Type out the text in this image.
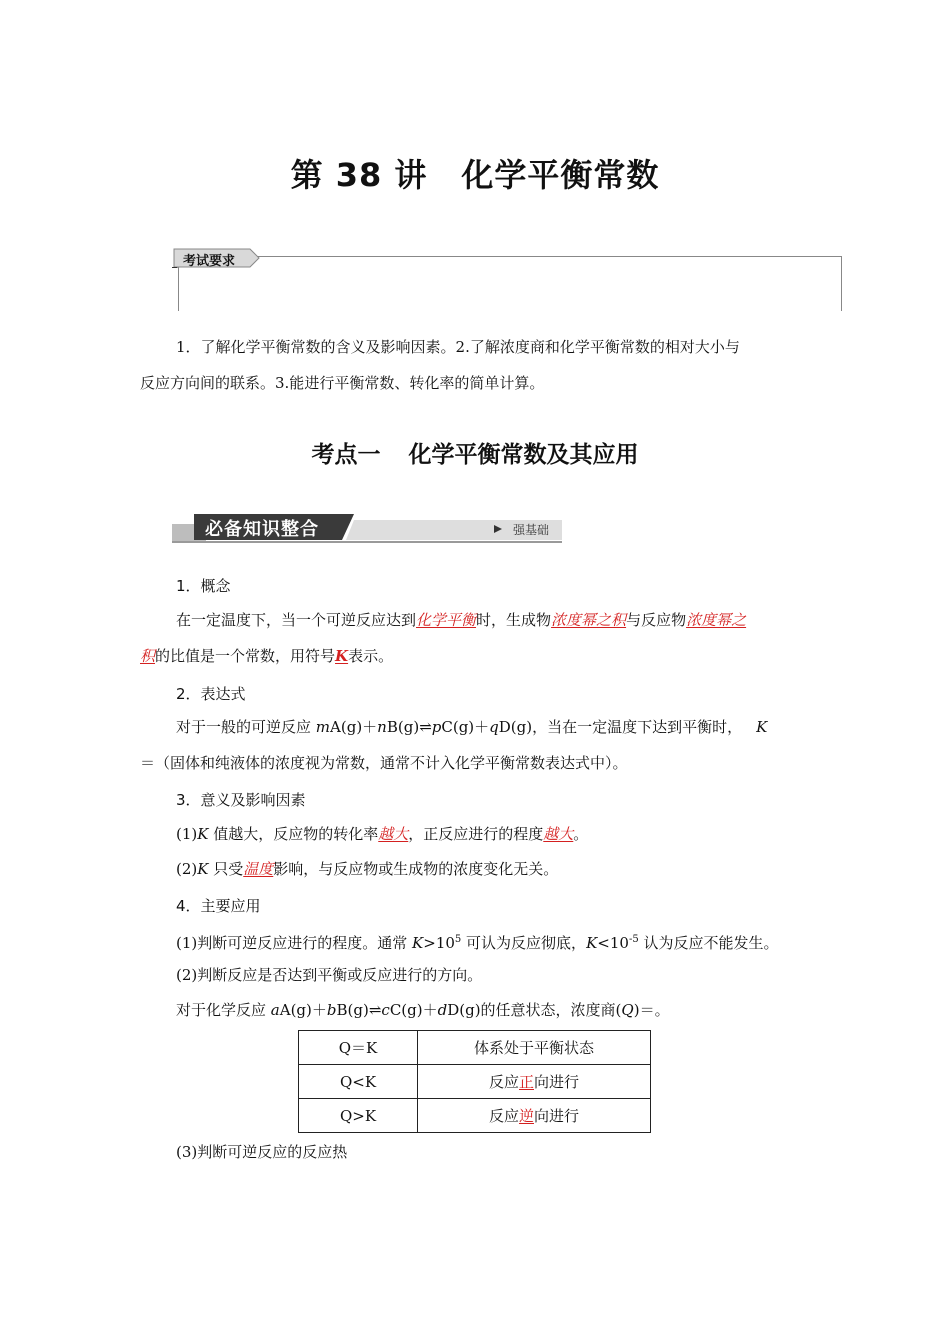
第 38 讲 化学平衡常数
考试要求
1．了解化学平衡常数的含义及影响因素。2.了解浓度商和化学平衡常数的相对大小与
反应方向间的联系。3.能进行平衡常数、转化率的简单计算。
考点一 化学平衡常数及其应用
必备知识整合	强基础
1．概念
在一定温度下，当一个可逆反应达到化学平衡时，生成物浓度幂之积与反应物浓度幂之
积的比值是一个常数，用符号K表示。
2．表达式
对于一般的可逆反应 mA(g)＋nB(g)⇌pC(g)＋qD(g)，当在一定温度下达到平衡时， K
＝（固体和纯液体的浓度视为常数，通常不计入化学平衡常数表达式中）。
3．意义及影响因素
(1)K 值越大，反应物的转化率越大，正反应进行的程度越大。
(2)K 只受温度影响，与反应物或生成物的浓度变化无关。
4．主要应用
(1)判断可逆反应进行的程度。通常 $K>10^5$ 可认为反应彻底，$K<10^{-5}$ 认为反应不能发生。
(2)判断反应是否达到平衡或反应进行的方向。
对于化学反应 aA(g)＋bB(g)⇌cC(g)＋dD(g)的任意状态，浓度商(Q)＝。
Q＝K	体系处于平衡状态
Q<K	反应正向进行
Q>K	反应逆向进行
(3)判断可逆反应的反应热
